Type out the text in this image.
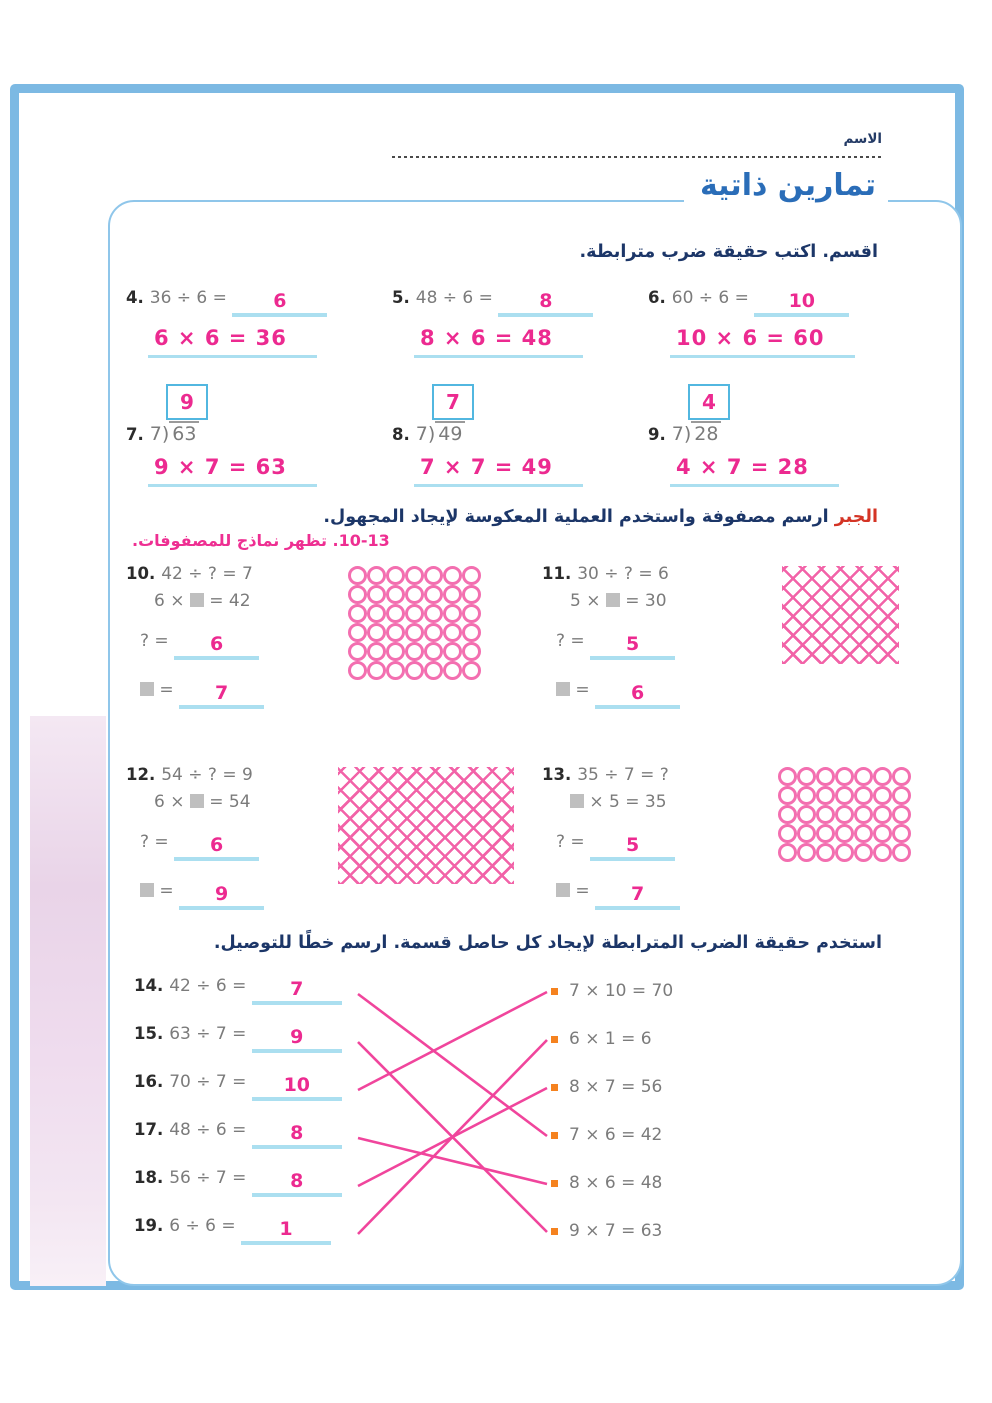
الاسم
تمارين ذاتية
اقسم. اكتب حقيقة ضرب مترابطة.
4. 36 ÷ 6 = 6
6 × 6 = 36
5. 48 ÷ 6 = 8
8 × 6 = 48
6. 60 ÷ 6 = 10
10 × 6 = 60
9
7. 7) 63
9 × 7 = 63
7
8. 7) 49
7 × 7 = 49
4
9. 7) 28
4 × 7 = 28
الجبر ارسم مصفوفة واستخدم العملية المعكوسة لإيجاد المجهول.
10-13. تظهر نماذج للمصفوفات.
10. 42 ÷ ? = 7
6 × = 42
? = 6
= 7
11. 30 ÷ ? = 6
5 × = 30
? = 5
= 6
12. 54 ÷ ? = 9
6 × = 54
? = 6
= 9
13. 35 ÷ 7 = ?
× 5 = 35
? = 5
= 7
استخدم حقيقة الضرب المترابطة لإيجاد كل حاصل قسمة. ارسم خطًا للتوصيل.
14. 42 ÷ 6 = 7
15. 63 ÷ 7 = 9
16. 70 ÷ 7 = 10
17. 48 ÷ 6 = 8
18. 56 ÷ 7 = 8
19. 6 ÷ 6 = 1
7 × 10 = 70
6 × 1 = 6
8 × 7 = 56
7 × 6 = 42
8 × 6 = 48
9 × 7 = 63
